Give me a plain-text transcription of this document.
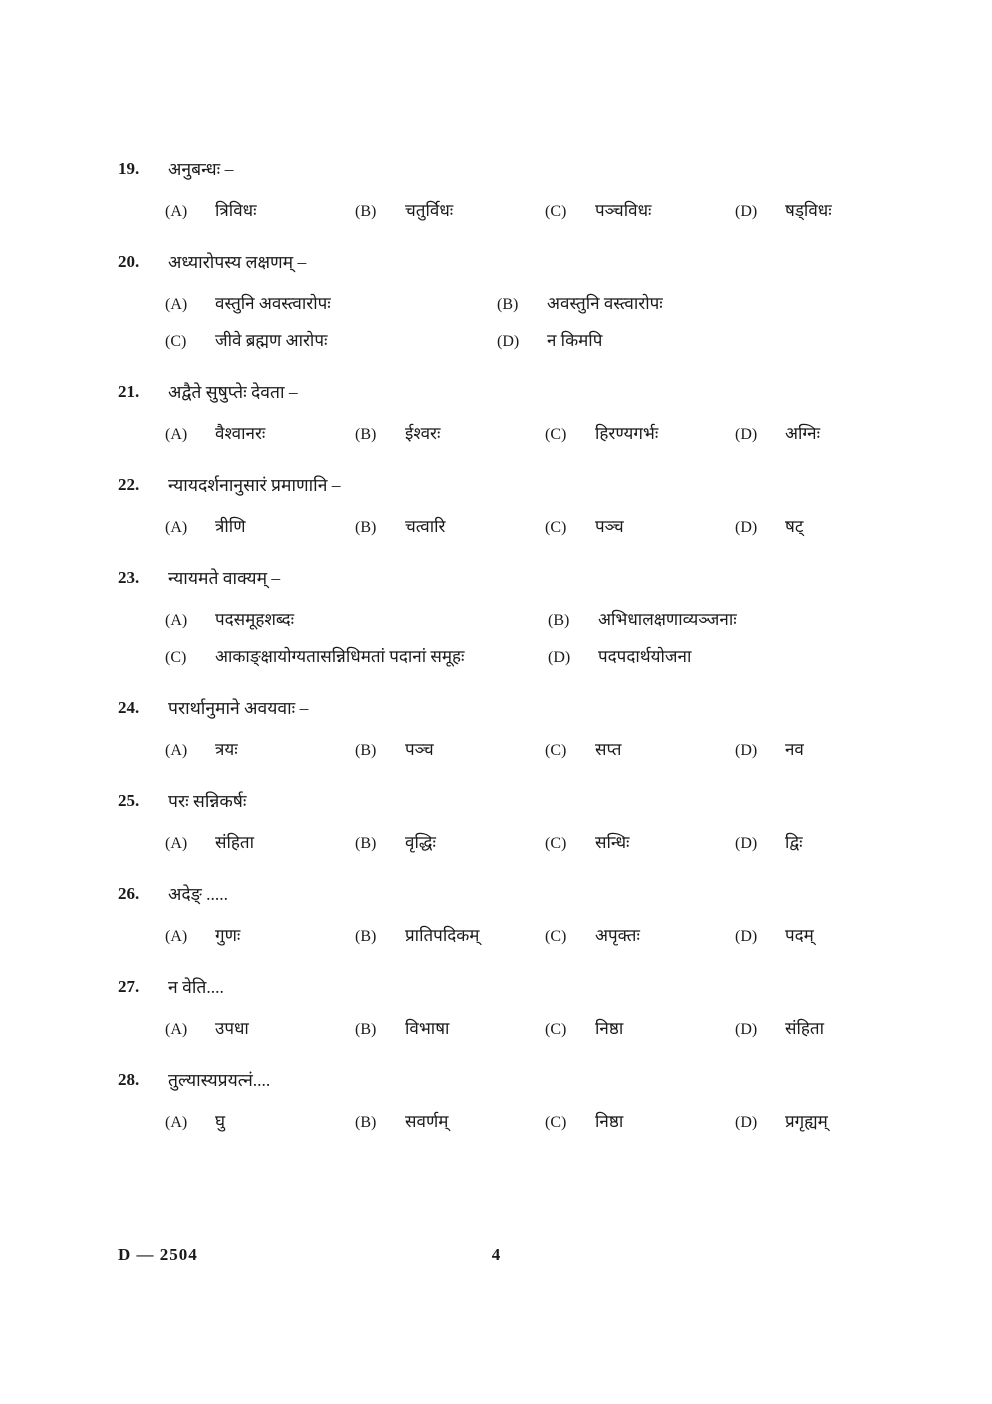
19. अनुबन्धः –
(A) त्रिविधः	(B) चतुर्विधः	(C) पञ्चविधः	(D) षड्विधः
20. अध्यारोपस्य लक्षणम् –
(A) वस्तुनि अवस्त्वारोपः	(B) अवस्तुनि वस्त्वारोपः
(C) जीवे ब्रह्मण आरोपः	(D) न किमपि
21. अद्वैते सुषुप्तेः देवता –
(A) वैश्वानरः	(B) ईश्वरः	(C) हिरण्यगर्भः	(D) अग्निः
22. न्यायदर्शनानुसारं प्रमाणानि –
(A) त्रीणि	(B) चत्वारि	(C) पञ्च	(D) षट्
23. न्यायमते वाक्यम् –
(A) पदसमूहशब्दः	(B) अभिधालक्षणाव्यञ्जनाः
(C) आकाङ्क्षायोग्यतासन्निधिमतां पदानां समूहः	(D) पदपदार्थयोजना
24. परार्थानुमाने अवयवाः –
(A) त्रयः	(B) पञ्च	(C) सप्त	(D) नव
25. परः सन्निकर्षः
(A) संहिता	(B) वृद्धिः	(C) सन्धिः	(D) द्विः
26. अदेङ् .....
(A) गुणः	(B) प्रातिपदिकम्	(C) अपृक्तः	(D) पदम्
27. न वेति....
(A) उपधा	(B) विभाषा	(C) निष्ठा	(D) संहिता
28. तुल्यास्यप्रयत्नं....
(A) घु	(B) सवर्णम्	(C) निष्ठा	(D) प्रगृह्यम्
4
D — 2504
